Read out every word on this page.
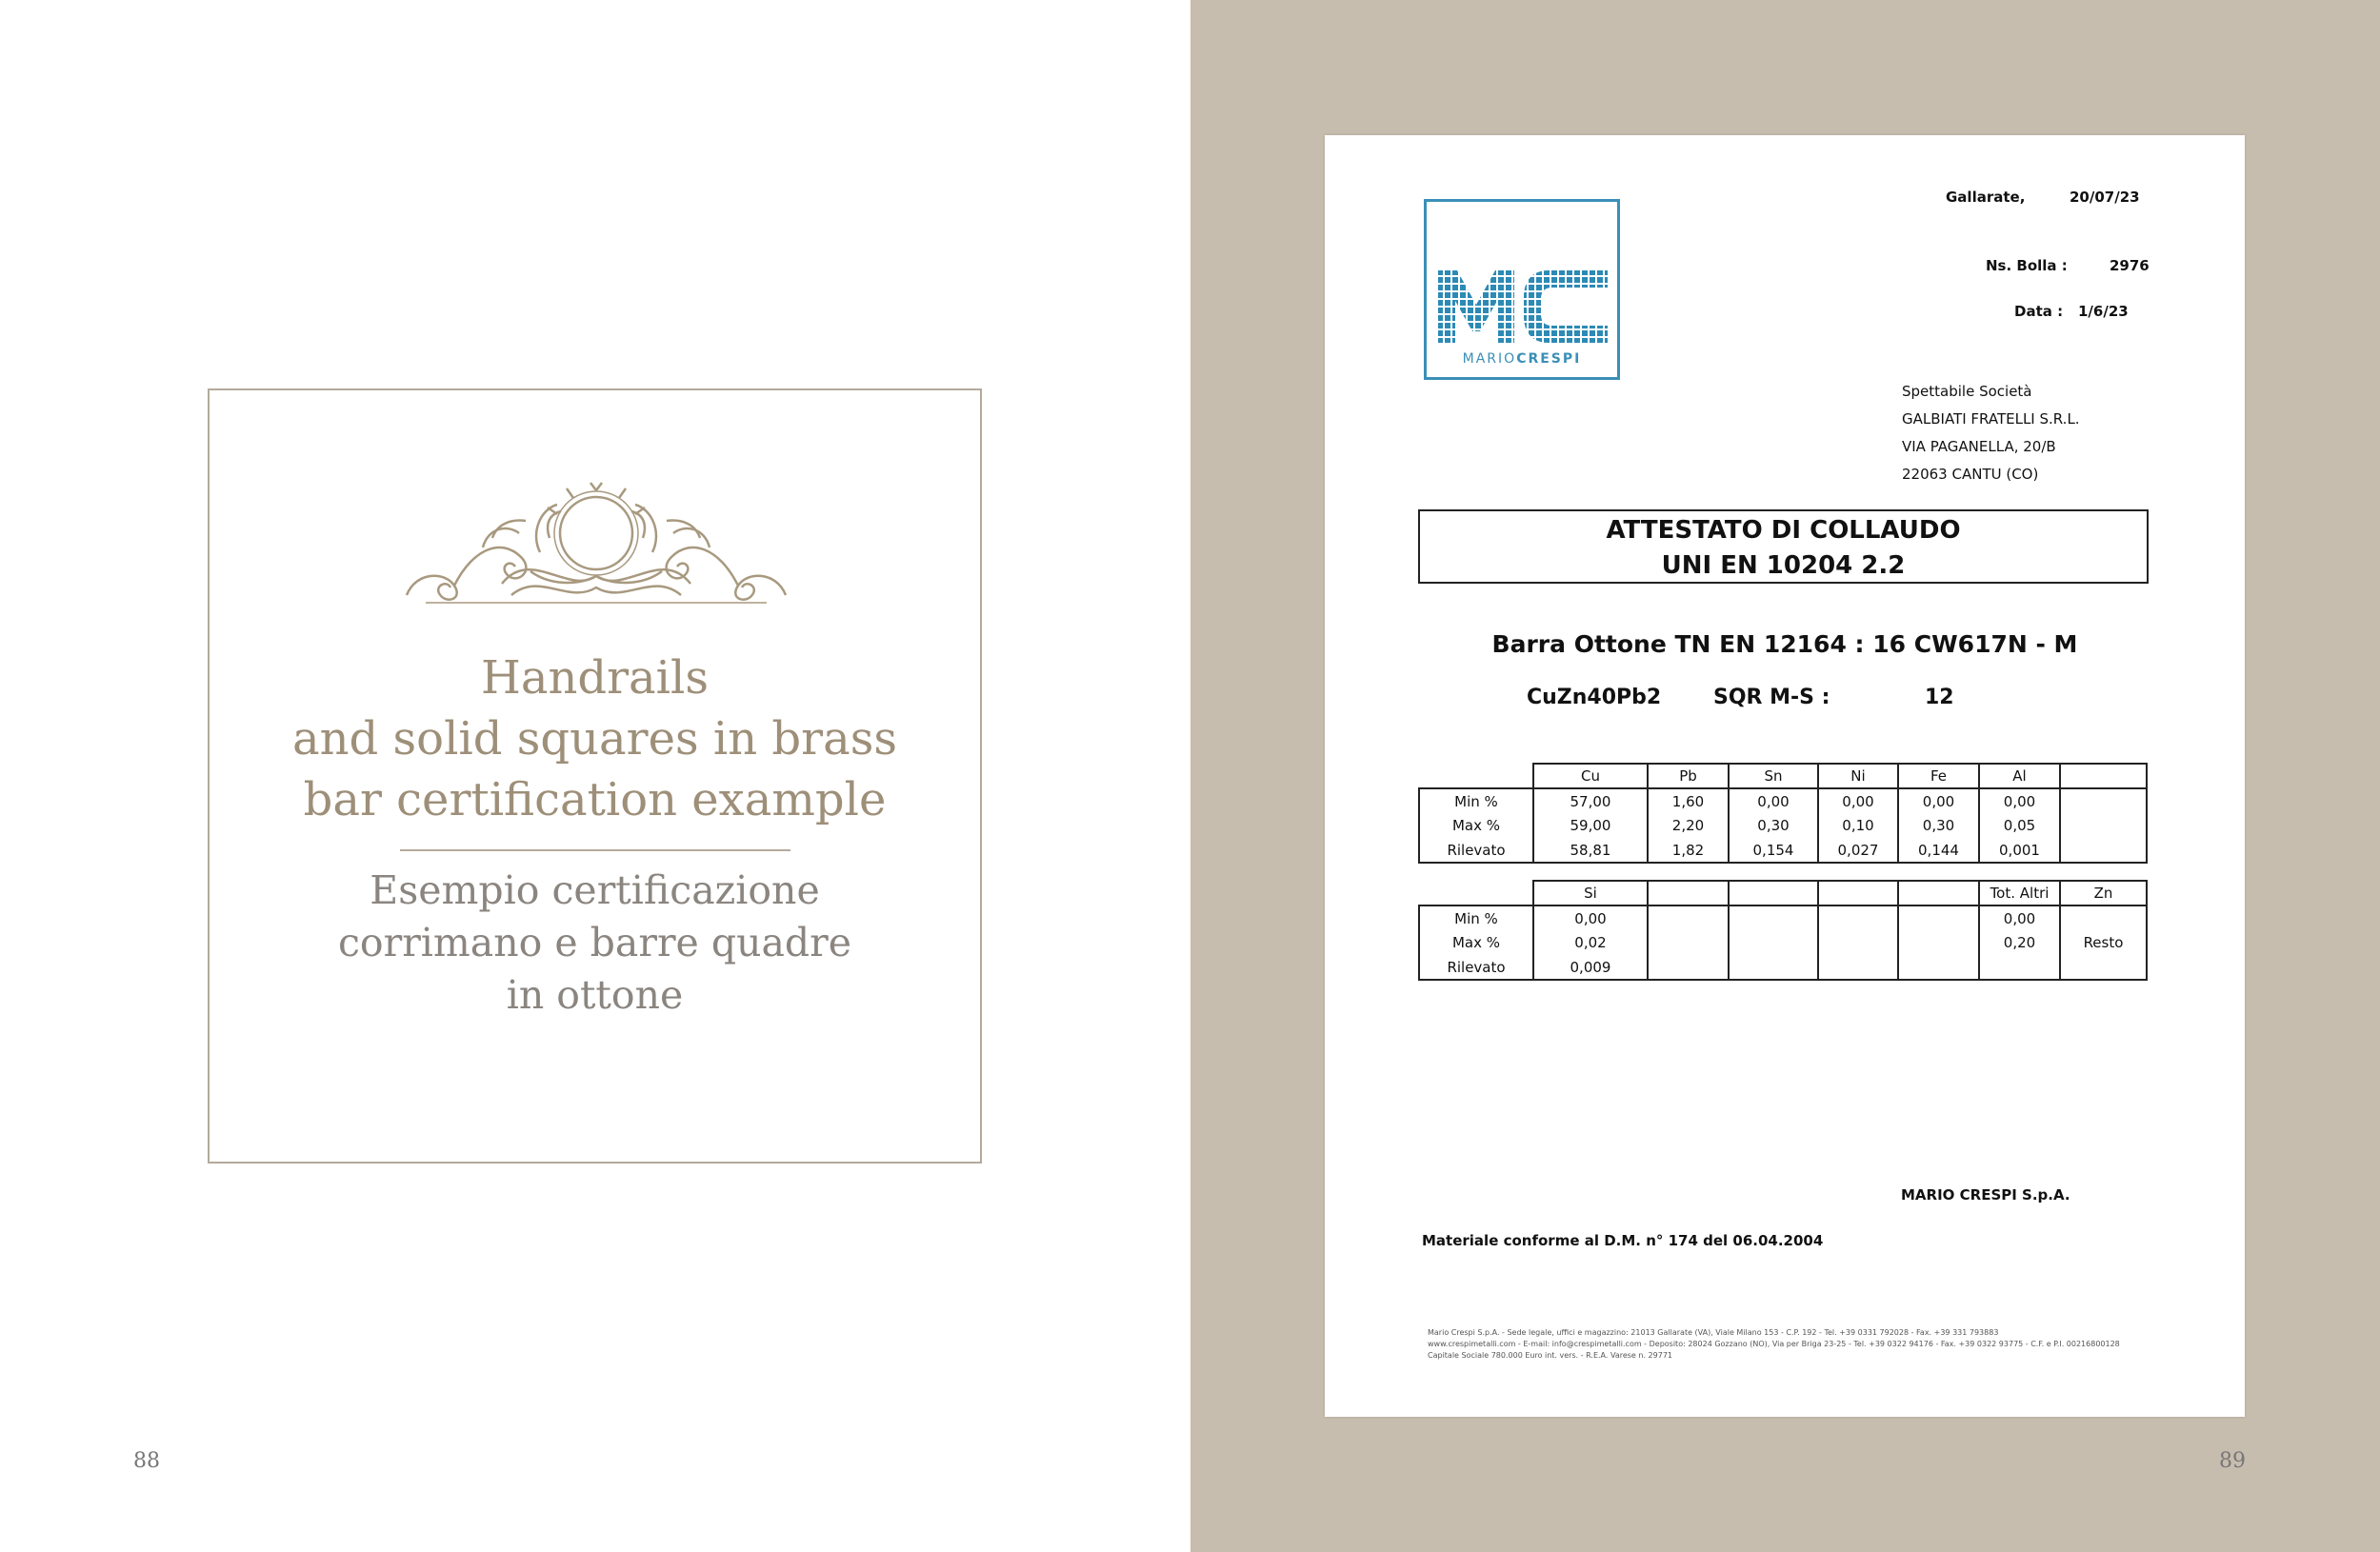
Handrails
and solid squares in brass
bar certification example
Esempio certificazione
corrimano e barre quadre
in ottone
88
MARIOCRESPI
Gallarate,	20/07/23
Ns. Bolla :	2976
Data : 1/6/23
Spettabile Società
GALBIATI FRATELLI S.R.L.
VIA PAGANELLA, 20/B
22063 CANTU (CO)
ATTESTATO DI COLLAUDO
UNI EN 10204 2.2
Barra Ottone TN EN 12164 : 16 CW617N - M
CuZn40Pb2 SQR M-S :	12
	Cu	Pb	Sn	Ni	Fe	Al	
Min %	57,00	1,60	0,00	0,00	0,00	0,00	
Max %	59,00	2,20	0,30	0,10	0,30	0,05	
Rilevato	58,81	1,82	0,154	0,027	0,144	0,001	
	Si					Tot. Altri	Zn
Min %	0,00					0,00	
Max %	0,02					0,20	Resto
Rilevato	0,009						
MARIO CRESPI S.p.A.
Materiale conforme al D.M. n° 174 del 06.04.2004
Mario Crespi S.p.A. - Sede legale, uffici e magazzino: 21013 Gallarate (VA), Viale Milano 153 - C.P. 192 - Tel. +39 0331 792028 - Fax. +39 331 793883
www.crespimetalli.com - E-mail: info@crespimetalli.com - Deposito: 28024 Gozzano (NO), Via per Briga 23-25 - Tel. +39 0322 94176 - Fax. +39 0322 93775 - C.F. e P.I. 00216800128
Capitale Sociale 780.000 Euro int. vers. - R.E.A. Varese n. 29771
89
